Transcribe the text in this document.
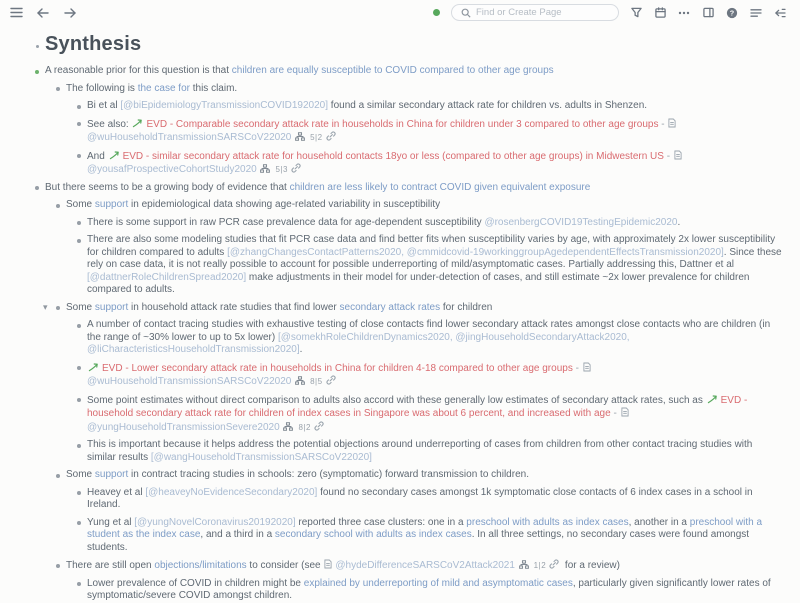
Find or Create Page
?
Synthesis
A reasonable prior for this question is that children are equally susceptible to COVID compared to other age groups
The following is the case for this claim.
Bi et al [@biEpidemiologyTransmissionCOVID192020] found a similar secondary attack rate for children vs. adults in Shenzen.
See also:
EVD - Comparable secondary attack rate in households in China for children under 3 compared to other age groups -
@wuHouseholdTransmissionSARSCoV22020
5|2
And
EVD - similar secondary attack rate for household contacts 18yo or less (compared to other age groups) in Midwestern US -
@yousafProspectiveCohortStudy2020
5|3
But there seems to be a growing body of evidence that children are less likely to contract COVID given equivalent exposure
Some support in epidemiological data showing age-related variability in susceptibility
There is some support in raw PCR case prevalence data for age-dependent susceptibility @rosenbergCOVID19TestingEpidemic2020.
There are also some modeling studies that fit PCR case data and find better fits when susceptibility varies by age, with approximately 2x lower susceptibility for children compared to adults [@zhangChangesContactPatterns2020, @cmmidcovid-19workinggroupAgedependentEffectsTransmission2020]. Since these rely on case data, it is not really possible to account for possible underreporting of mild/asymptomatic cases. Partially addressing this, Dattner et al [@dattnerRoleChildrenSpread2020] make adjustments in their model for under-detection of cases, and still estimate ~2x lower prevalence for children compared to adults.
▾ Some support in household attack rate studies that find lower secondary attack rates for children
A number of contact tracing studies with exhaustive testing of close contacts find lower secondary attack rates amongst close contacts who are children (in the range of ~30% lower to up to 5x lower) [@somekhRoleChildrenDynamics2020, @jingHouseholdSecondaryAttack2020, @liCharacteristicsHouseholdTransmission2020].
EVD - Lower secondary attack rate in households in China for children 4-18 compared to other age groups -
@wuHouseholdTransmissionSARSCoV22020
8|5
Some point estimates without direct comparison to adults also accord with these generally low estimates of secondary attack rates, such as
EVD - household secondary attack rate for children of index cases in Singapore was about 6 percent, and increased with age -
@yungHouseholdTransmissionSevere2020
8|2
This is important because it helps address the potential objections around underreporting of cases from children from other contact tracing studies with similar results [@wangHouseholdTransmissionSARSCoV22020]
Some support in contract tracing studies in schools: zero (symptomatic) forward transmission to children.
Heavey et al [@heaveyNoEvidenceSecondary2020] found no secondary cases amongst 1k symptomatic close contacts of 6 index cases in a school in Ireland.
Yung et al [@yungNovelCoronavirus20192020] reported three case clusters: one in a preschool with adults as index cases, another in a preschool with a student as the index case, and a third in a secondary school with adults as index cases. In all three settings, no secondary cases were found amongst students.
There are still open objections/limitations to consider (see
@hydeDifferenceSARSCoV2Attack2021
1|2
for a review)
Lower prevalence of COVID in children might be explained by underreporting of mild and asymptomatic cases, particularly given significantly lower rates of symptomatic/severe COVID amongst children.
